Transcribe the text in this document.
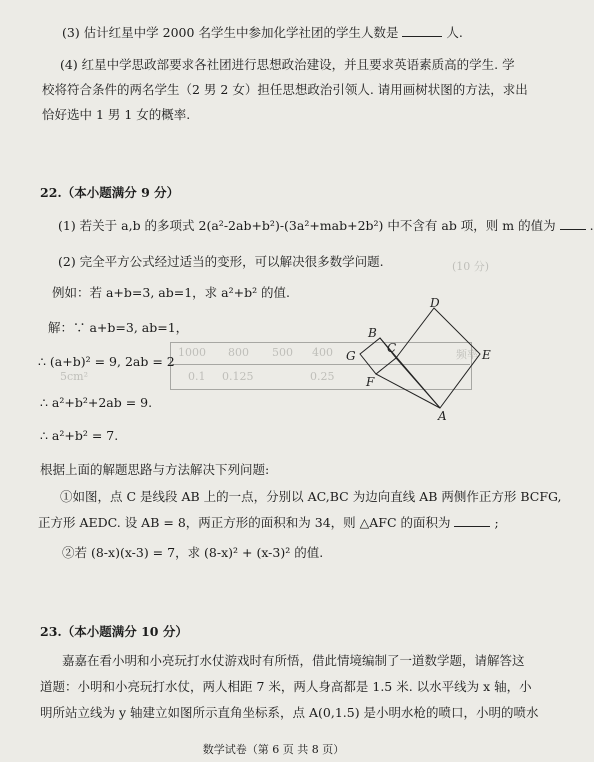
1000 800 500 400
0.1 0.125	0.25
(10 分)
5cm²
频率
(3) 估计红星中学 2000 名学生中参加化学社团的学生人数是	人.
(4) 红星中学思政部要求各社团进行思想政治建设，并且要求英语素质高的学生. 学
校将符合条件的两名学生（2 男 2 女）担任思想政治引领人. 请用画树状图的方法，求出
恰好选中 1 男 1 女的概率.
22.（本小题满分 9 分）
(1) 若关于 a,b 的多项式 2(a²-2ab+b²)-(3a²+mab+2b²) 中不含有 ab 项，则 m 的值为	.
(2) 完全平方公式经过适当的变形，可以解决很多数学问题.
例如：若 a+b=3, ab=1，求 a²+b² 的值.
解：∵ a+b=3, ab=1，
∴ (a+b)² = 9, 2ab = 2
∴ a²+b²+2ab = 9.
∴ a²+b² = 7.
D
B
C	E
G
F
A
根据上面的解题思路与方法解决下列问题:
①如图，点 C 是线段 AB 上的一点，分别以 AC,BC 为边向直线 AB 两侧作正方形 BCFG,
正方形 AEDC. 设 AB = 8，两正方形的面积和为 34，则 △AFC 的面积为	;
②若 (8-x)(x-3) = 7，求 (8-x)² + (x-3)² 的值.
23.（本小题满分 10 分）
嘉嘉在看小明和小亮玩打水仗游戏时有所悟，借此情境编制了一道数学题，请解答这
道题：小明和小亮玩打水仗，两人相距 7 米，两人身高都是 1.5 米. 以水平线为 x 轴，小
明所站立线为 y 轴建立如图所示直角坐标系，点 A(0,1.5) 是小明水枪的喷口，小明的喷水
数学试卷（第 6 页 共 8 页）
